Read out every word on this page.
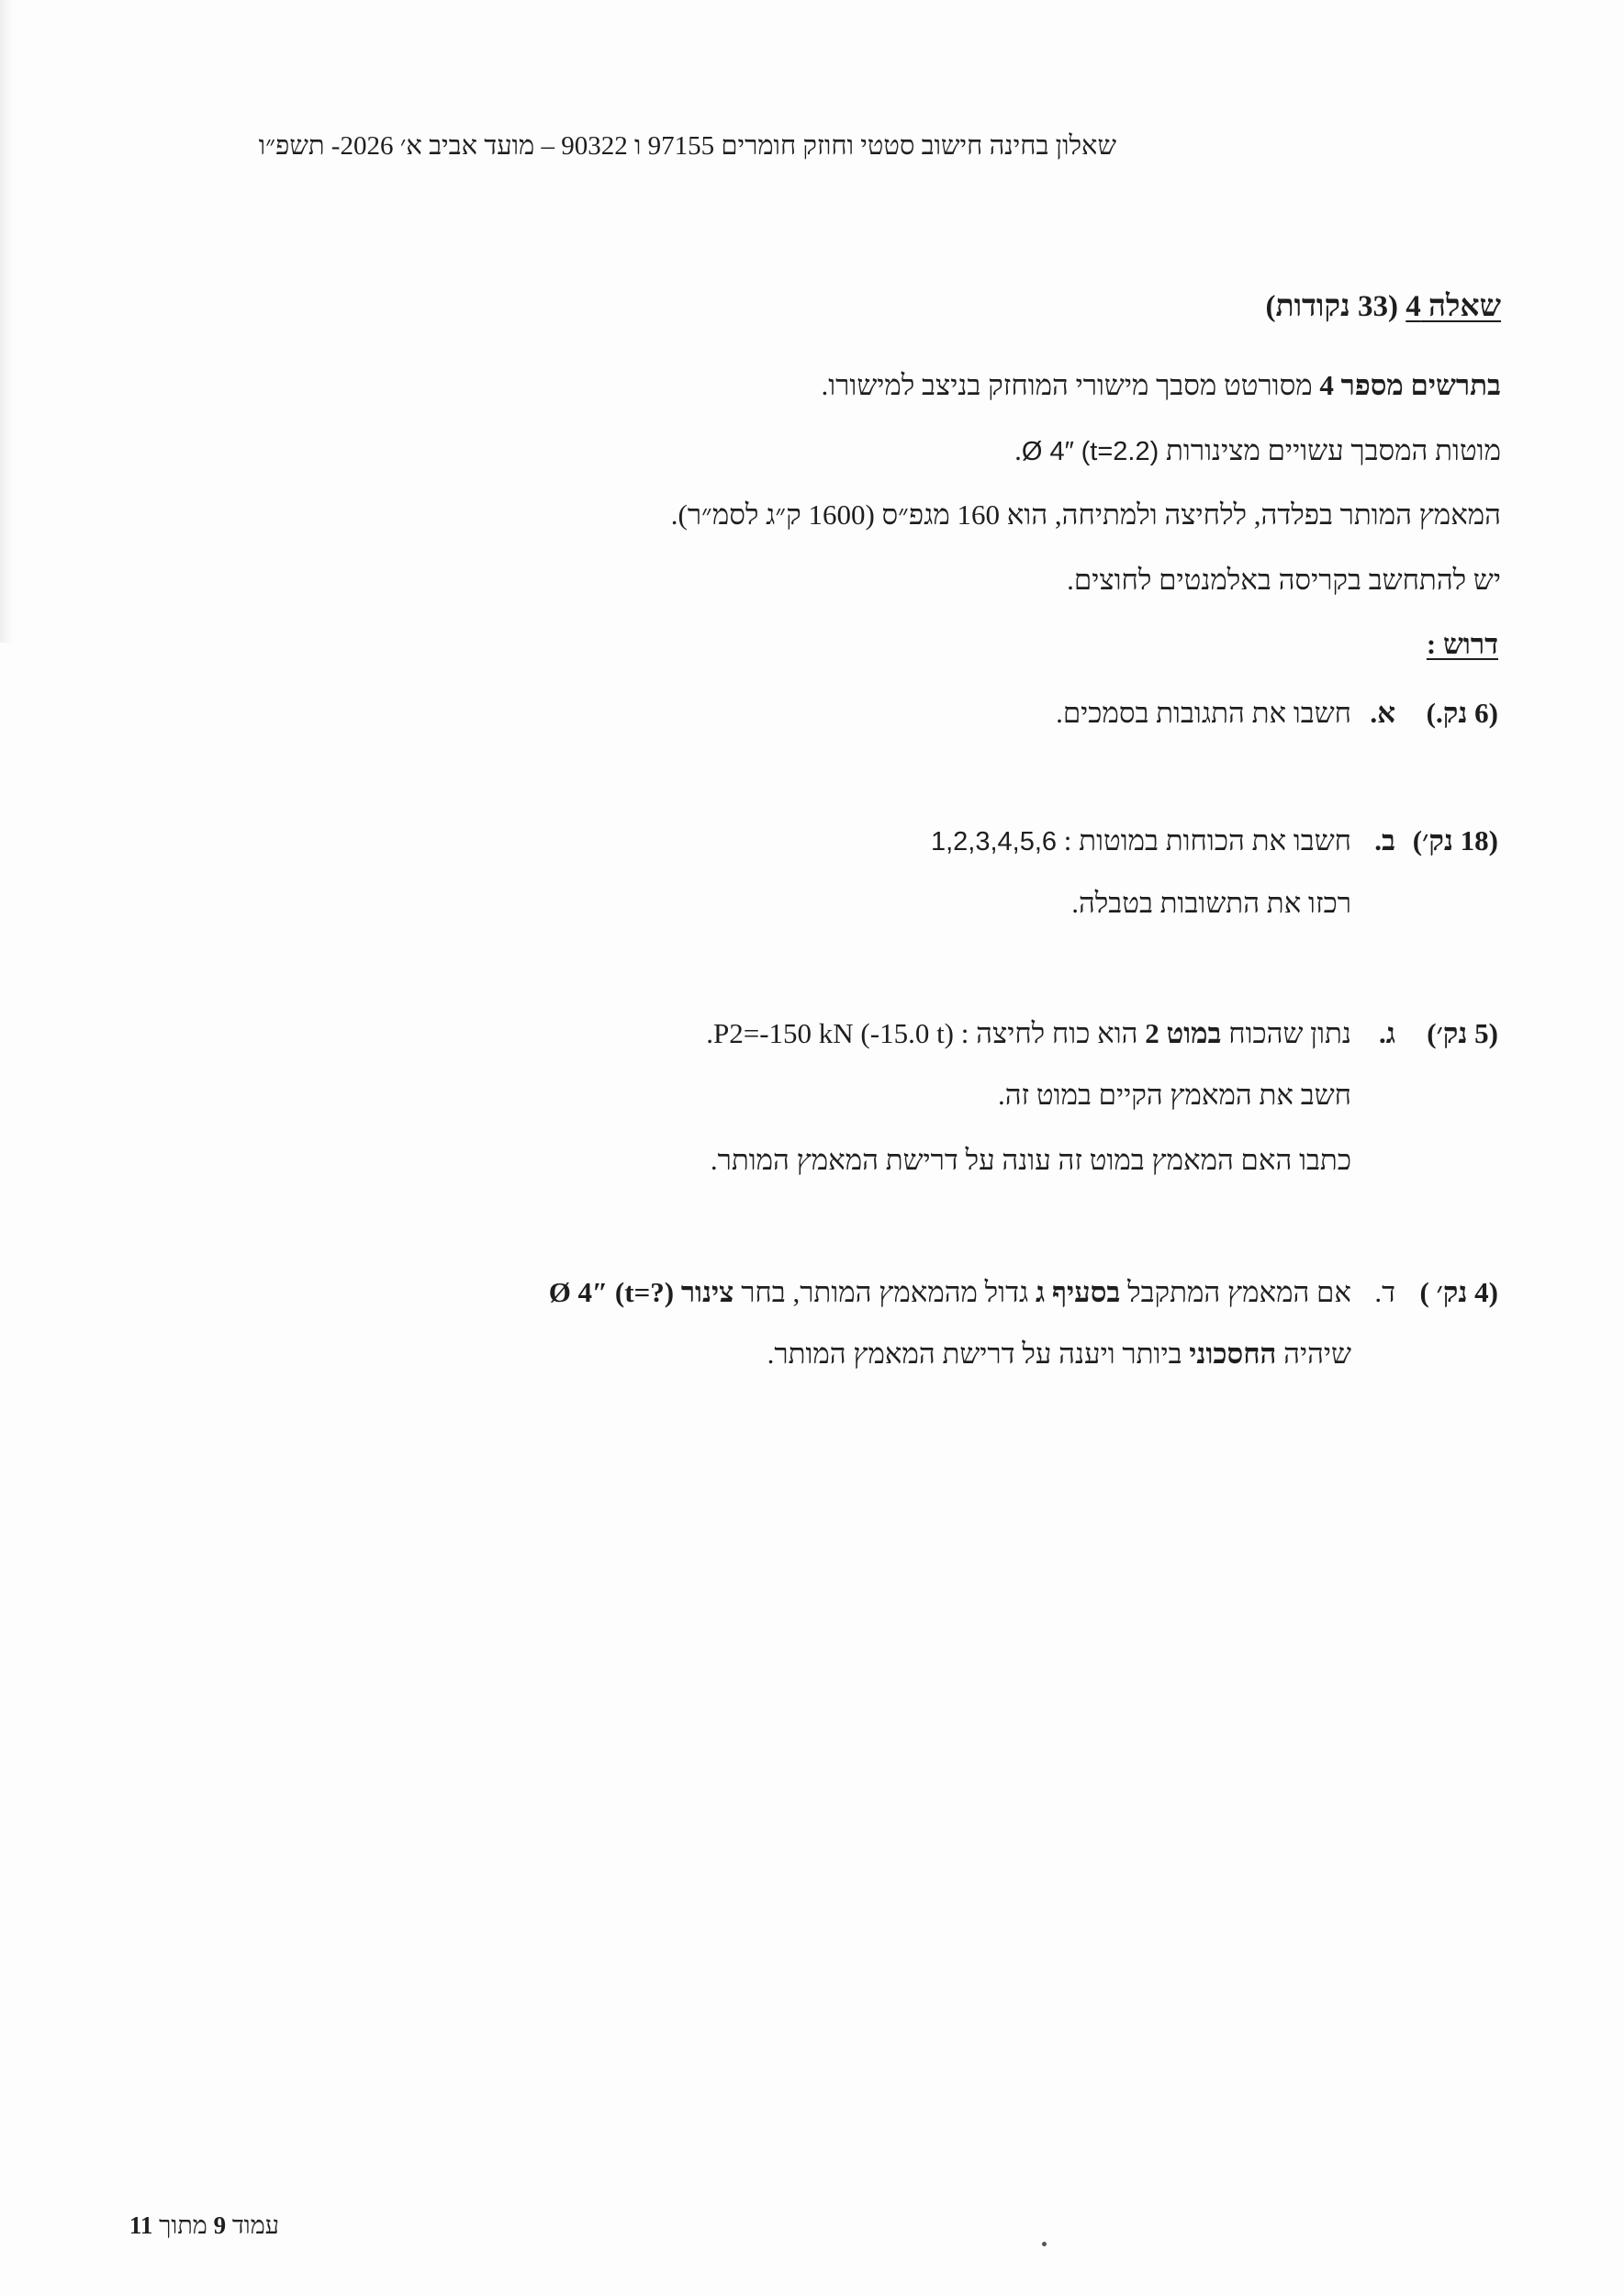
שאלון בחינה חישוב סטטי וחוזק חומרים 97155 ו 90322 – מועד אביב א׳ 2026- תשפ״ו
שאלה 4 (33 נקודות)
בתרשים מספר 4 מסורטט מסבך מישורי המוחזק בניצב למישורו.
מוטות המסבך עשויים מצינורות (t=2.2) Ø 4″.
המאמץ המותר בפלדה, ללחיצה ולמתיחה, הוא 160 מגפ״ס (1600 ק״ג לסמ״ר).
יש להתחשב בקריסה באלמנטים לחוצים.
דרוש :
(6 נק.)א.חשבו את התגובות בסמכים.
(18 נק׳)ב.חשבו את הכוחות במוטות : 1,2,3,4,5,6
רכזו את התשובות בטבלה.
(5 נק׳)ג.נתון שהכוח במוט 2 הוא כוח לחיצה : P2=-150 kN (-15.0 t).
חשב את המאמץ הקיים במוט זה.
כתבו האם המאמץ במוט זה עונה על דרישת המאמץ המותר.
(4 נק׳ )ד.אם המאמץ המתקבל בסעיף ג גדול מהמאמץ המותר, בחר צינור (t=?) Ø 4″
שיהיה החסכוני ביותר ויענה על דרישת המאמץ המותר.
עמוד 9 מתוך 11
